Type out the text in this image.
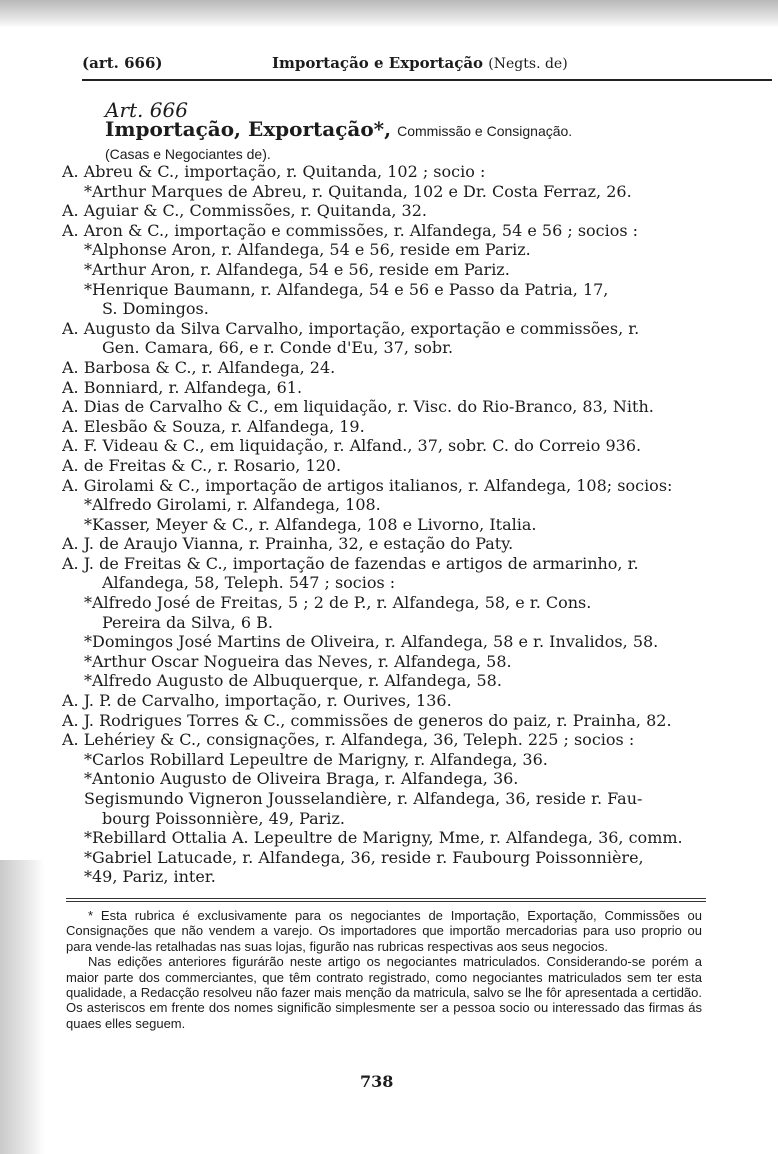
(art. 666)	Importação e Exportação (Negts. de)
Art. 666
Importação, Exportação*, Commissão e Consignação.
(Casas e Negociantes de).
A. Abreu & C., importação, r. Quitanda, 102 ; socio :
*Arthur Marques de Abreu, r. Quitanda, 102 e Dr. Costa Ferraz, 26.
A. Aguiar & C., Commissões, r. Quitanda, 32.
A. Aron & C., importação e commissões, r. Alfandega, 54 e 56 ; socios :
*Alphonse Aron, r. Alfandega, 54 e 56, reside em Pariz.
*Arthur Aron, r. Alfandega, 54 e 56, reside em Pariz.
*Henrique Baumann, r. Alfandega, 54 e 56 e Passo da Patria, 17,
S. Domingos.
A. Augusto da Silva Carvalho, importação, exportação e commissões, r.
Gen. Camara, 66, e r. Conde d'Eu, 37, sobr.
A. Barbosa & C., r. Alfandega, 24.
A. Bonniard, r. Alfandega, 61.
A. Dias de Carvalho & C., em liquidação, r. Visc. do Rio-Branco, 83, Nith.
A. Elesbão & Souza, r. Alfandega, 19.
A. F. Videau & C., em liquidação, r. Alfand., 37, sobr. C. do Correio 936.
A. de Freitas & C., r. Rosario, 120.
A. Girolami & C., importação de artigos italianos, r. Alfandega, 108; socios:
*Alfredo Girolami, r. Alfandega, 108.
*Kasser, Meyer & C., r. Alfandega, 108 e Livorno, Italia.
A. J. de Araujo Vianna, r. Prainha, 32, e estação do Paty.
A. J. de Freitas & C., importação de fazendas e artigos de armarinho, r.
Alfandega, 58, Teleph. 547 ; socios :
*Alfredo José de Freitas, 5 ; 2 de P., r. Alfandega, 58, e r. Cons.
Pereira da Silva, 6 B.
*Domingos José Martins de Oliveira, r. Alfandega, 58 e r. Invalidos, 58.
*Arthur Oscar Nogueira das Neves, r. Alfandega, 58.
*Alfredo Augusto de Albuquerque, r. Alfandega, 58.
A. J. P. de Carvalho, importação, r. Ourives, 136.
A. J. Rodrigues Torres & C., commissões de generos do paiz, r. Prainha, 82.
A. Lehériey & C., consignações, r. Alfandega, 36, Teleph. 225 ; socios :
*Carlos Robillard Lepeultre de Marigny, r. Alfandega, 36.
*Antonio Augusto de Oliveira Braga, r. Alfandega, 36.
Segismundo Vigneron Jousselandière, r. Alfandega, 36, reside r. Fau-
bourg Poissonnière, 49, Pariz.
*Rebillard Ottalia A. Lepeultre de Marigny, Mme, r. Alfandega, 36, comm.
*Gabriel Latucade, r. Alfandega, 36, reside r. Faubourg Poissonnière,
*49, Pariz, inter.

* Esta rubrica é exclusivamente para os negociantes de Importação, Exportação, Commissões ou Consignações que não vendem a varejo. Os importadores que importão mercadorias para uso proprio ou para vende-las retalhadas nas suas lojas, figurão nas rubricas respectivas aos seus negocios.

Nas edições anteriores figurárão neste artigo os negociantes matriculados. Considerando-se porém a maior parte dos commerciantes, que têm contrato registrado, como negociantes matriculados sem ter esta qualidade, a Redacção resolveu não fazer mais menção da matricula, salvo se lhe fôr apresentada a certidão. Os asteriscos em frente dos nomes significão simplesmente ser a pessoa socio ou interessado das firmas ás quaes elles seguem.

738
